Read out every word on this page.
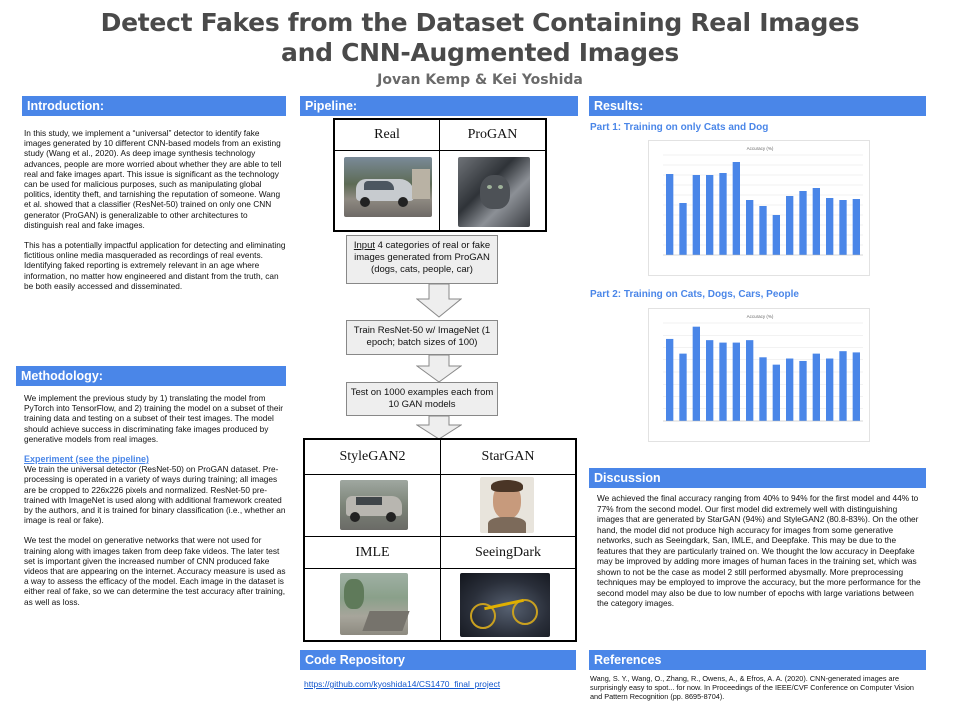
Detect Fakes from the Dataset Containing Real Images
and CNN-Augmented Images
Jovan Kemp & Kei Yoshida
Introduction:

In this study, we implement a “universal” detector to identify fake images generated by 10 different CNN-based models from an existing study (Wang et al., 2020). As deep image synthesis technology advances, people are more worried about whether they are able to tell real and fake images apart. This issue is significant as the technology can be used for malicious purposes, such as manipulating global politics, identity theft, and tarnishing the reputation of someone. Wang et al. showed that a classifier (ResNet-50) trained on only one CNN generator (ProGAN) is generalizable to other architectures to distinguish real and fake images.

This has a potentially impactful application for detecting and eliminating fictitious online media masqueraded as recordings of real events. Identifying faked reporting is extremely relevant in an age where information, no matter how engineered and distant from the truth, can be both easily accessed and disseminated.

Methodology:

We implement the previous study by 1) translating the model from PyTorch into TensorFlow, and 2) training the model on a subset of their training data and testing on a subset of their test images. The model should achieve success in discriminating fake images produced by generative models from real images.

Experiment (see the pipeline)

We train the universal detector (ResNet-50) on ProGAN dataset. Pre-processing is operated in a variety of ways during training; all images are be cropped to 226x226 pixels and normalized. ResNet-50 pre-trained with ImageNet is used along with additional framework created by the authors, and it is trained for binary classification (i.e., whether an image is real or fake).

We test the model on generative networks that were not used for training along with images taken from deep fake videos. The later test set is important given the increased number of CNN produced fake videos that are appearing on the internet. Accuracy measure is used as a way to assess the efficacy of the model. Each image in the dataset is either real of fake, so we can determine the test accuracy after training, as well as loss.

Pipeline:
Real	ProGAN
Input 4 categories of real or fake images generated from ProGAN (dogs, cats, people, car)
Train ResNet-50 w/ ImageNet (1 epoch; batch sizes of 100)
Test on 1000 examples each from 10 GAN models
StyleGAN2	StarGAN
IMLE	SeeingDark
Code Repository
https://github.com/kyoshida14/CS1470_final_project
Results:
Part 1: Training on only Cats and Dog
Accuracy (%)
Part 2: Training on Cats, Dogs, Cars, People
Accuracy (%)
Discussion
We achieved the final accuracy ranging from 40% to 94% for the first model and 44% to 77% from the second model. Our first model did extremely well with distinguishing images that are generated by StarGAN (94%) and StyleGAN2 (80.8-83%). On the other hand, the model did not produce high accuracy for images from some generative networks, such as Seeingdark, San, IMLE, and Deepfake. This may be due to the features that they are particularly trained on. We thought the low accuracy in Deepfake may be improved by adding more images of human faces in the training set, which was shown to not be the case as model 2 still performed abysmally. More preprocessing techniques may be employed to improve the accuracy, but the more performance for the second model may also be due to low number of epochs with large variations between the category images.
References
Wang, S. Y., Wang, O., Zhang, R., Owens, A., & Efros, A. A. (2020). CNN-generated images are surprisingly easy to spot... for now. In Proceedings of the IEEE/CVF Conference on Computer Vision and Pattern Recognition (pp. 8695-8704).
